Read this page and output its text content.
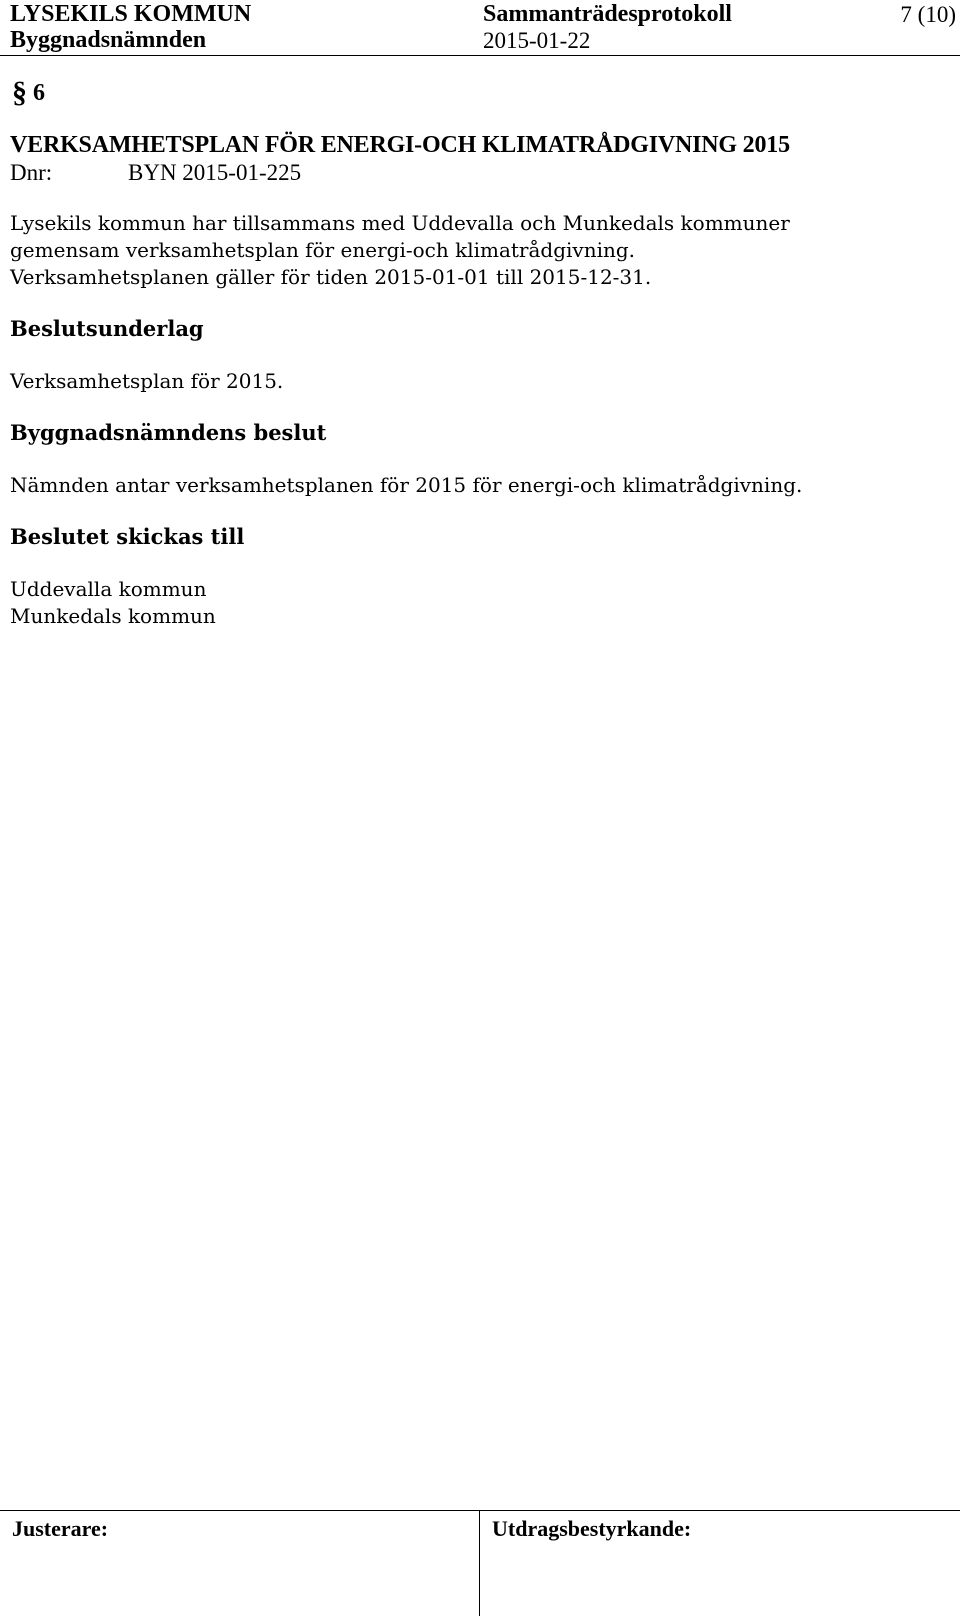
LYSEKILS KOMMUN
Byggnadsnämnden
Sammanträdesprotokoll
2015-01-22
7 (10)
§ 6
VERKSAMHETSPLAN FÖR ENERGI-OCH KLIMATRÅDGIVNING 2015
Dnr:	BYN 2015-01-225
Lysekils kommun har tillsammans med Uddevalla och Munkedals kommuner gemensam verksamhetsplan för energi-och klimatrådgivning. Verksamhetsplanen gäller för tiden 2015-01-01 till 2015-12-31.
Beslutsunderlag
Verksamhetsplan för 2015.
Byggnadsnämndens beslut
Nämnden antar verksamhetsplanen för 2015 för energi-och klimatrådgivning.
Beslutet skickas till
Uddevalla kommun
Munkedals kommun
Justerare:	Utdragsbestyrkande:
